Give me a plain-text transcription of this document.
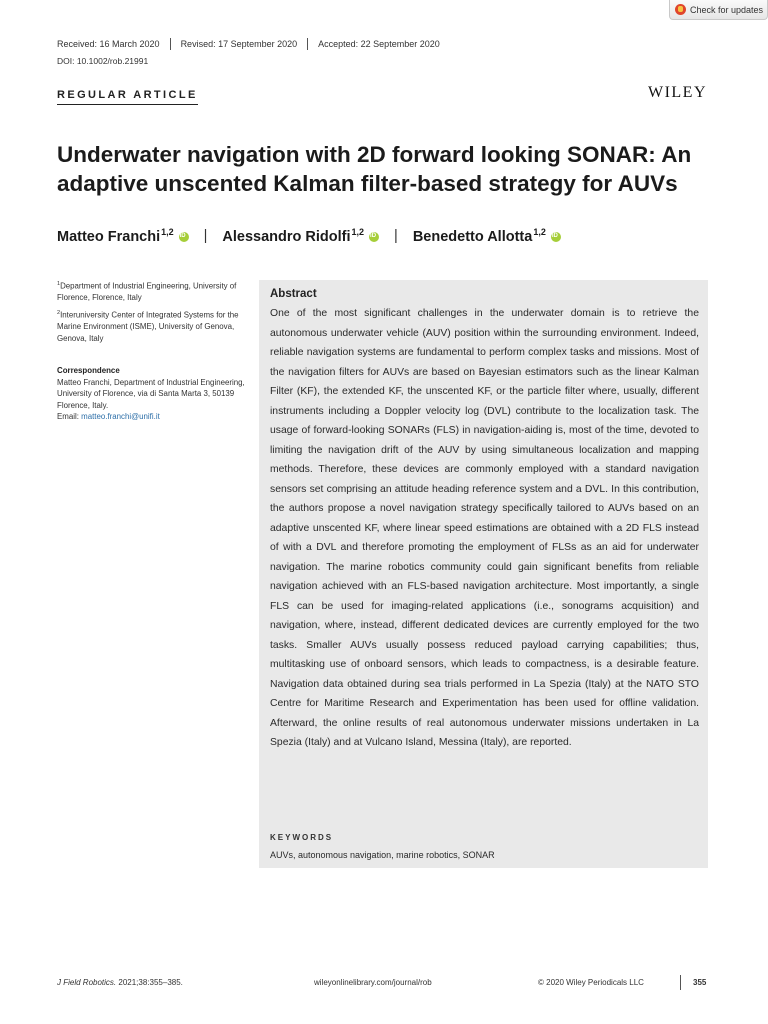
Check for updates
Received: 16 March 2020	Revised: 17 September 2020	Accepted: 22 September 2020
DOI: 10.1002/rob.21991
REGULAR ARTICLE	WILEY
Underwater navigation with 2D forward looking SONAR: An adaptive unscented Kalman filter-based strategy for AUVs
Matteo Franchi$^{1,2}$ iD | Alessandro Ridolfi$^{1,2}$ iD | Benedetto Allotta$^{1,2}$
iD
$^1$Department of Industrial Engineering, University of Florence, Florence, Italy
$^2$Interuniversity Center of Integrated Systems for the Marine Environment (ISME), University of Genova, Genova, Italy
Correspondence
Matteo Franchi, Department of Industrial Engineering, University of Florence, via di Santa Marta 3, 50139 Florence, Italy.
Email: matteo.franchi@unifi.it
Abstract

One of the most significant challenges in the underwater domain is to retrieve the autonomous underwater vehicle (AUV) position within the surrounding environment. Indeed, reliable navigation systems are fundamental to perform complex tasks and missions. Most of the navigation filters for AUVs are based on Bayesian estimators such as the linear Kalman Filter (KF), the extended KF, the unscented KF, or the particle filter where, usually, different instruments including a Doppler velocity log (DVL) contribute to the localization task. The usage of forward-looking SONARs (FLS) in navigation-aiding is, most of the time, devoted to limiting the navigation drift of the AUV by using simultaneous localization and mapping methods. Therefore, these devices are commonly employed with a standard navigation sensors set comprising an attitude heading reference system and a DVL. In this contribution, the authors propose a novel navigation strategy specifically tailored to AUVs based on an adaptive unscented KF, where linear speed estimations are obtained with a 2D FLS instead of with a DVL and therefore promoting the employment of FLSs as an aid for underwater navigation. The marine robotics community could gain significant benefits from reliable navigation achieved with an FLS-based navigation architecture. Most importantly, a single FLS can be used for imaging-related applications (i.e., sonograms acquisition) and navigation, where, instead, different dedicated devices are currently employed for the two tasks. Smaller AUVs usually possess reduced payload carrying capabilities; thus, multitasking use of onboard sensors, which leads to compactness, is a desirable feature. Navigation data obtained during sea trials performed in La Spezia (Italy) at the NATO STO Centre for Maritime Research and Experimentation has been used for offline validation. Afterward, the online results of real autonomous underwater missions undertaken in La Spezia (Italy) and at Vulcano Island, Messina (Italy), are reported.

KEYWORDS
AUVs, autonomous navigation, marine robotics, SONAR
J Field Robotics. 2021;38:355–385.	wileyonlinelibrary.com/journal/rob	© 2020 Wiley Periodicals LLC	355
